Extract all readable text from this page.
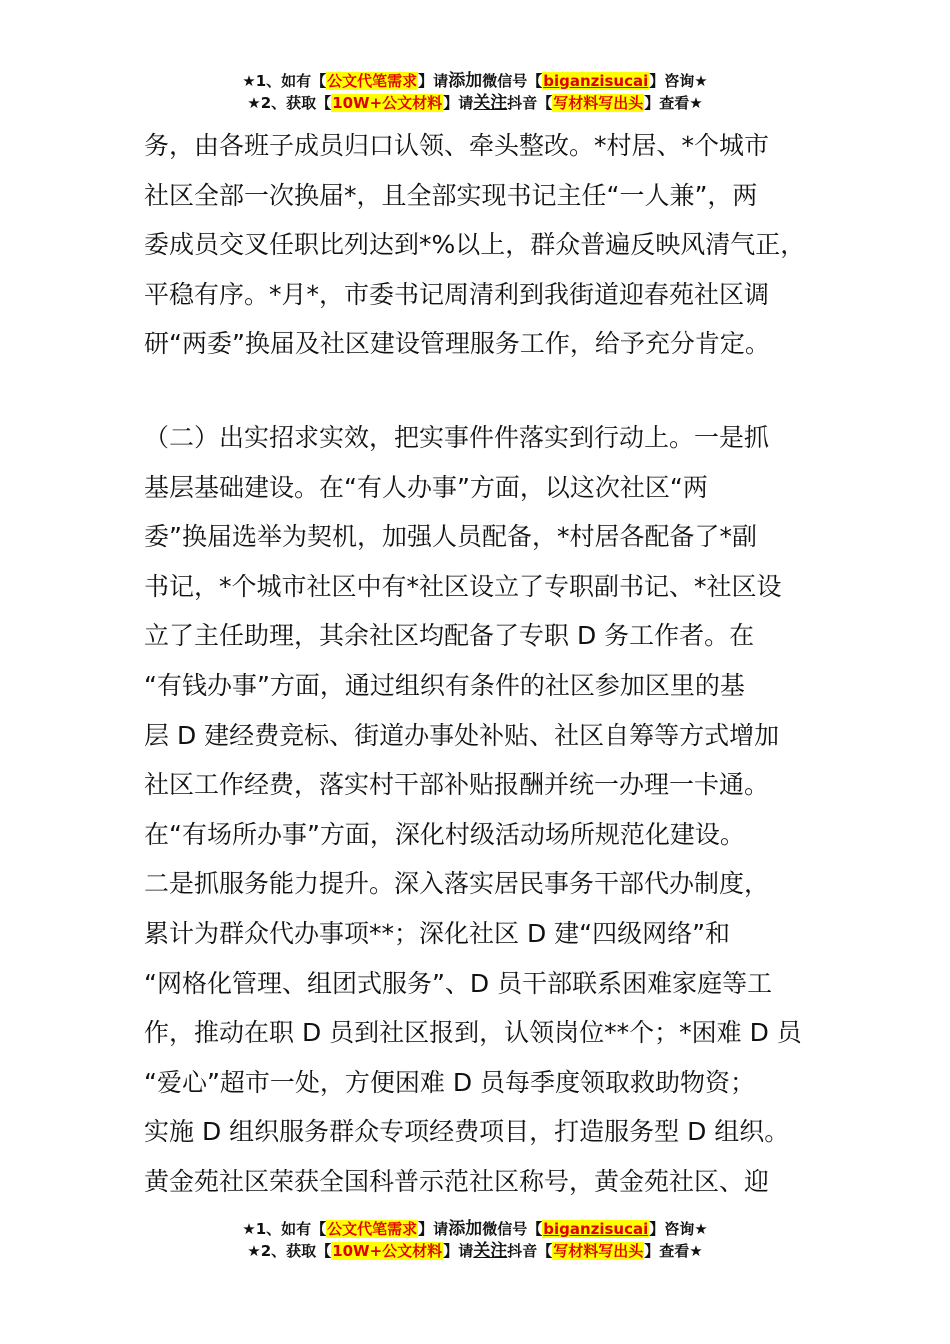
★1、如有【公文代笔需求】请添加微信号【biganzisucai】咨询★
★2、获取【10W+公文材料】请关注抖音【写材料写出头】查看★
务，由各班子成员归口认领、牵头整改。*村居、*个城市
社区全部一次换届*，且全部实现书记主任“一人兼”，两
委成员交叉任职比列达到*%以上，群众普遍反映风清气正，
平稳有序。*月*，市委书记周清利到我街道迎春苑社区调
研“两委”换届及社区建设管理服务工作，给予充分肯定。
（二）出实招求实效，把实事件件落实到行动上。一是抓
基层基础建设。在“有人办事”方面，以这次社区“两
委”换届选举为契机，加强人员配备，*村居各配备了*副
书记，*个城市社区中有*社区设立了专职副书记、*社区设
立了主任助理，其余社区均配备了专职 D 务工作者。在
“有钱办事”方面，通过组织有条件的社区参加区里的基
层 D 建经费竞标、街道办事处补贴、社区自筹等方式增加
社区工作经费，落实村干部补贴报酬并统一办理一卡通。
在“有场所办事”方面，深化村级活动场所规范化建设。
二是抓服务能力提升。深入落实居民事务干部代办制度，
累计为群众代办事项**；深化社区 D 建“四级网络”和
“网格化管理、组团式服务”、D 员干部联系困难家庭等工
作，推动在职 D 员到社区报到，认领岗位**个；*困难 D 员
“爱心”超市一处，方便困难 D 员每季度领取救助物资；
实施 D 组织服务群众专项经费项目，打造服务型 D 组织。
黄金苑社区荣获全国科普示范社区称号，黄金苑社区、迎
★1、如有【公文代笔需求】请添加微信号【biganzisucai】咨询★
★2、获取【10W+公文材料】请关注抖音【写材料写出头】查看★
